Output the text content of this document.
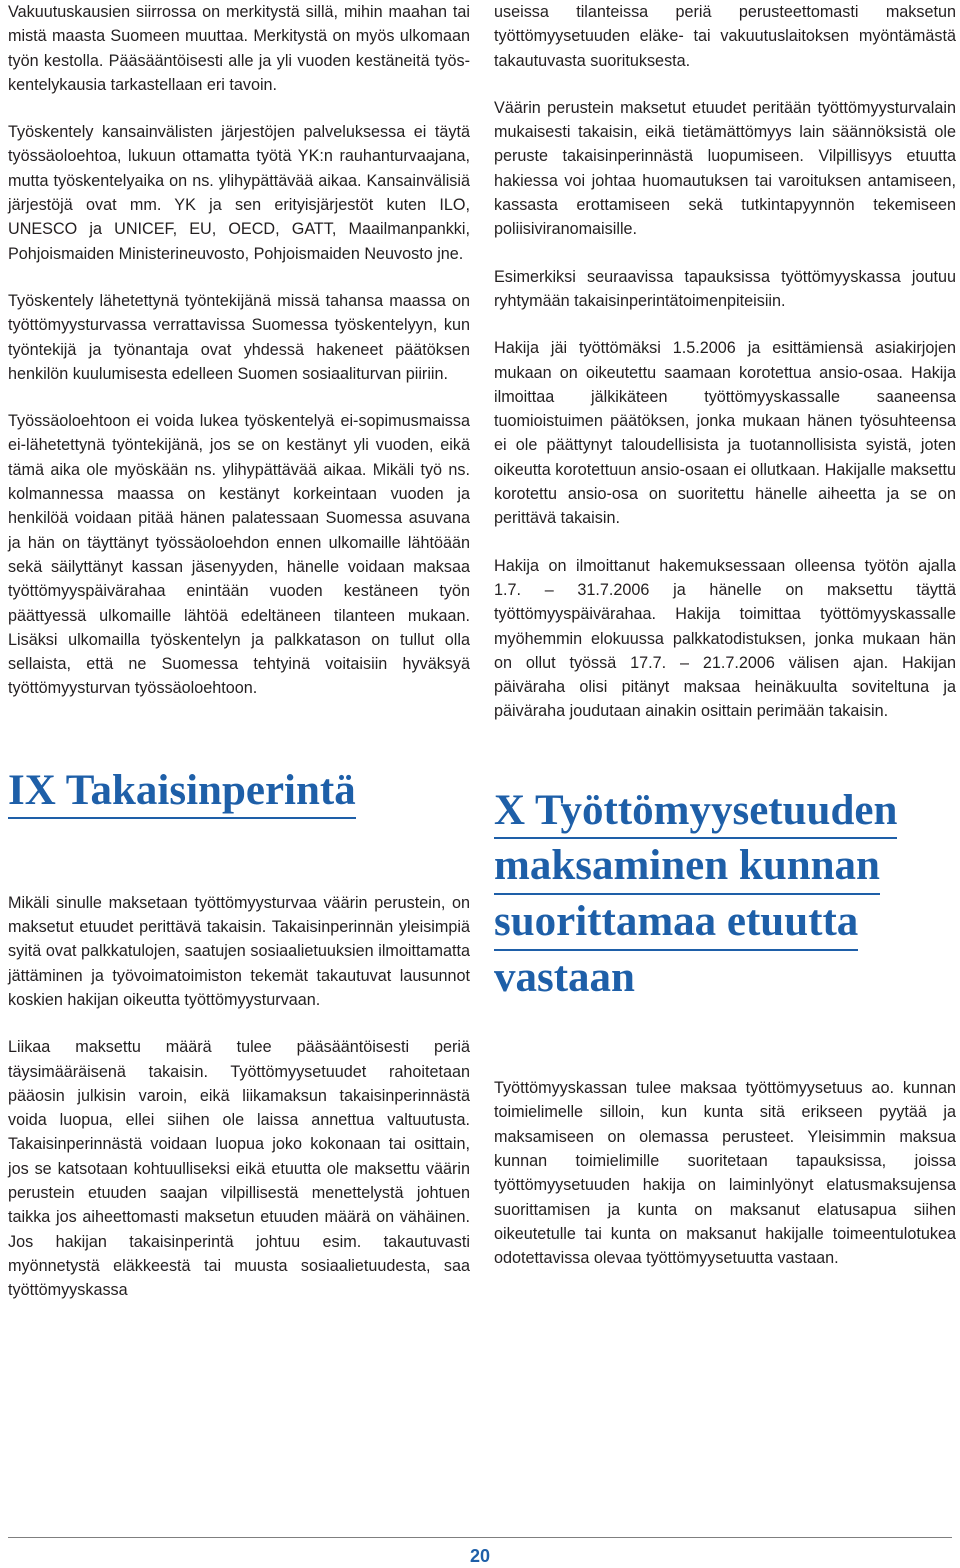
Vakuutuskausien siirrossa on merkitystä sillä, mihin maahan tai mistä maasta Suomeen muuttaa. Merkitystä on myös ulkomaan työn kestolla. Pääsääntöisesti alle ja yli vuoden kestäneitä työskentelykausia tarkastellaan eri tavoin.

Työskentely kansainvälisten järjestöjen palveluksessa ei täytä työssäoloehtoa, lukuun ottamatta työtä YK:n rauhanturvaajana, mutta työskentelyaika on ns. ylihypättävää aikaa. Kansainvälisiä järjestöjä ovat mm. YK ja sen erityisjärjestöt kuten ILO, UNESCO ja UNICEF, EU, OECD, GATT, Maailmanpankki, Pohjoismaiden Ministerineuvosto, Pohjoismaiden Neuvosto jne.

Työskentely lähetettynä työntekijänä missä tahansa maassa on työttömyysturvassa verrattavissa Suomessa työskentelyyn, kun työntekijä ja työnantaja ovat yhdessä hakeneet päätöksen henkilön kuulumisesta edelleen Suomen sosiaaliturvan piiriin.

Työssäoloehtoon ei voida lukea työskentelyä ei-sopimusmaissa ei-lähetettynä työntekijänä, jos se on kestänyt yli vuoden, eikä tämä aika ole myöskään ns. ylihypättävää aikaa. Mikäli työ ns. kolmannessa maassa on kestänyt korkeintaan vuoden ja henkilöä voidaan pitää hänen palatessaan Suomessa asuvana ja hän on täyttänyt työssäoloehdon ennen ulkomaille lähtöään sekä säilyttänyt kassan jäsenyyden, hänelle voidaan maksaa työttömyyspäivärahaa enintään vuoden kestäneen työn päättyessä ulkomaille lähtöä edeltäneen tilanteen mukaan. Lisäksi ulkomailla työskentelyn ja palkkatason on tullut olla sellaista, että ne Suomessa tehtyinä voitaisiin hyväksyä työttömyysturvan työssäoloehtoon.

IX Takaisinperintä

Mikäli sinulle maksetaan työttömyysturvaa väärin perustein, on maksetut etuudet perittävä takaisin. Takaisinperinnän yleisimpiä syitä ovat palkkatulojen, saatujen sosiaalietuuksien ilmoittamatta jättäminen ja työvoimatoimiston tekemät takautuvat lausunnot koskien hakijan oikeutta työttömyysturvaan.

Liikaa maksettu määrä tulee pääsääntöisesti periä täysimääräisenä takaisin. Työttömyysetuudet rahoitetaan pääosin julkisin varoin, eikä liikamaksun takaisinperinnästä voida luopua, ellei siihen ole laissa annettua valtuutusta. Takaisinperinnästä voidaan luopua joko kokonaan tai osittain, jos se katsotaan kohtuulliseksi eikä etuutta ole maksettu väärin perustein etuuden saajan vilpillisestä menettelystä johtuen taikka jos aiheettomasti maksetun etuuden määrä on vähäinen. Jos hakijan takaisinperintä johtuu esim. takautuvasti myönnetystä eläkkeestä tai muusta sosiaalietuudesta, saa työttömyyskassa

useissa tilanteissa periä perusteettomasti maksetun työttömyysetuuden eläke- tai vakuutuslaitoksen myöntämästä takautuvasta suorituksesta.

Väärin perustein maksetut etuudet peritään työttömyysturvalain mukaisesti takaisin, eikä tietämättömyys lain säännöksistä ole peruste takaisinperinnästä luopumiseen. Vilpillisyys etuutta hakiessa voi johtaa huomautuksen tai varoituksen antamiseen, kassasta erottamiseen sekä tutkintapyynnön tekemiseen poliisiviranomaisille.

Esimerkiksi seuraavissa tapauksissa työttömyyskassa joutuu ryhtymään takaisinperintätoimenpiteisiin.

Hakija jäi työttömäksi 1.5.2006 ja esittämiensä asiakirjojen mukaan on oikeutettu saamaan korotettua ansio-osaa. Hakija ilmoittaa jälkikäteen työttömyyskassalle saaneensa tuomioistuimen päätöksen, jonka mukaan hänen työsuhteensa ei ole päättynyt taloudellisista ja tuotannollisista syistä, joten oikeutta korotettuun ansio-osaan ei ollutkaan. Hakijalle maksettu korotettu ansio-osa on suoritettu hänelle aiheetta ja se on perittävä takaisin.

Hakija on ilmoittanut hakemuksessaan olleensa työtön ajalla 1.7. – 31.7.2006 ja hänelle on maksettu täyttä työttömyyspäivärahaa. Hakija toimittaa työttömyyskassalle myöhemmin elokuussa palkkatodistuksen, jonka mukaan hän on ollut työssä 17.7. – 21.7.2006 välisen ajan. Hakijan päiväraha olisi pitänyt maksaa heinäkuulta soviteltuna ja päiväraha joudutaan ainakin osittain perimään takaisin.

X Työttömyysetuuden
maksaminen kunnan
suorittamaa etuutta
vastaan

Työttömyyskassan tulee maksaa työttömyysetuus ao. kunnan toimielimelle silloin, kun kunta sitä erikseen pyytää ja maksamiseen on olemassa perusteet. Yleisimmin maksua kunnan toimielimille suoritetaan tapauksissa, joissa työttömyysetuuden hakija on laiminlyönyt elatusmaksujensa suorittamisen ja kunta on maksanut elatusapua siihen oikeutetulle tai kunta on maksanut hakijalle toimeentulotukea odotettavissa olevaa työttömyysetuutta vastaan.

20
